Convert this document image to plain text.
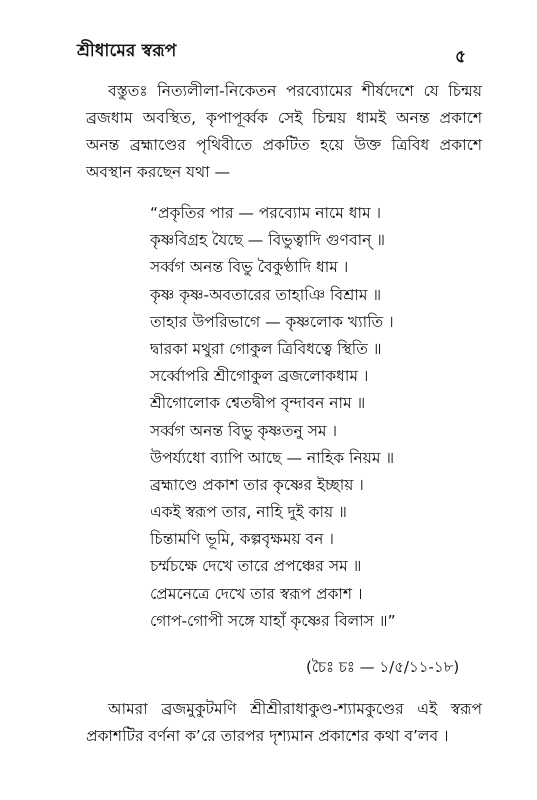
শ্রীধামের স্বরূপ	৫

বস্তুতঃ নিত্যলীলা-নিকেতন পরব্যোমের শীর্ষদেশে যে চিন্ময় ব্রজধাম অবস্থিত, কৃপাপূর্ব্বক সেই চিন্ময় ধামই অনন্ত প্রকাশে অনন্ত ব্রহ্মাণ্ডের পৃথিবীতে প্রকটিত হয়ে উক্ত ত্রিবিধ প্রকাশে অবস্থান করছেন যথা —

“প্রকৃতির পার — পরব্যোম নামে ধাম ।
কৃষ্ণবিগ্রহ যৈছে — বিভুত্বাদি গুণবান্ ॥
সর্ব্বগ অনন্ত বিভু বৈকুণ্ঠাদি ধাম ।
কৃষ্ণ কৃষ্ণ-অবতারের তাহাঞি বিশ্রাম ॥
তাহার উপরিভাগে — কৃষ্ণলোক খ্যাতি ।
দ্বারকা মথুরা গোকুল ত্রিবিধত্বে স্থিতি ॥
সর্ব্বোপরি শ্রীগোকুল ব্রজলোকধাম ।
শ্রীগোলোক শ্বেতদ্বীপ বৃন্দাবন নাম ॥
সর্ব্বগ অনন্ত বিভু কৃষ্ণতনু সম ।
উপর্য্যধো ব্যাপি আছে — নাহিক নিয়ম ॥
ব্রহ্মাণ্ডে প্রকাশ তার কৃষ্ণের ইচ্ছায় ।
একই স্বরূপ তার, নাহি দুই কায় ॥
চিন্তামণি ভূমি, কল্পবৃক্ষময় বন ।
চর্ম্মচক্ষে দেখে তারে প্রপঞ্চের সম ॥
প্রেমনেত্রে দেখে তার স্বরূপ প্রকাশ ।
গোপ-গোপী সঙ্গে যাহাঁ কৃষ্ণের বিলাস ॥”
(চৈঃ চঃ — ১/৫/১১-১৮)

আমরা ব্রজমুকুটমণি শ্রীশ্রীরাধাকুণ্ড-শ্যামকুণ্ডের এই স্বরূপ প্রকাশটির বর্ণনা ক’রে তারপর দৃশ্যমান প্রকাশের কথা ব’লব ।
